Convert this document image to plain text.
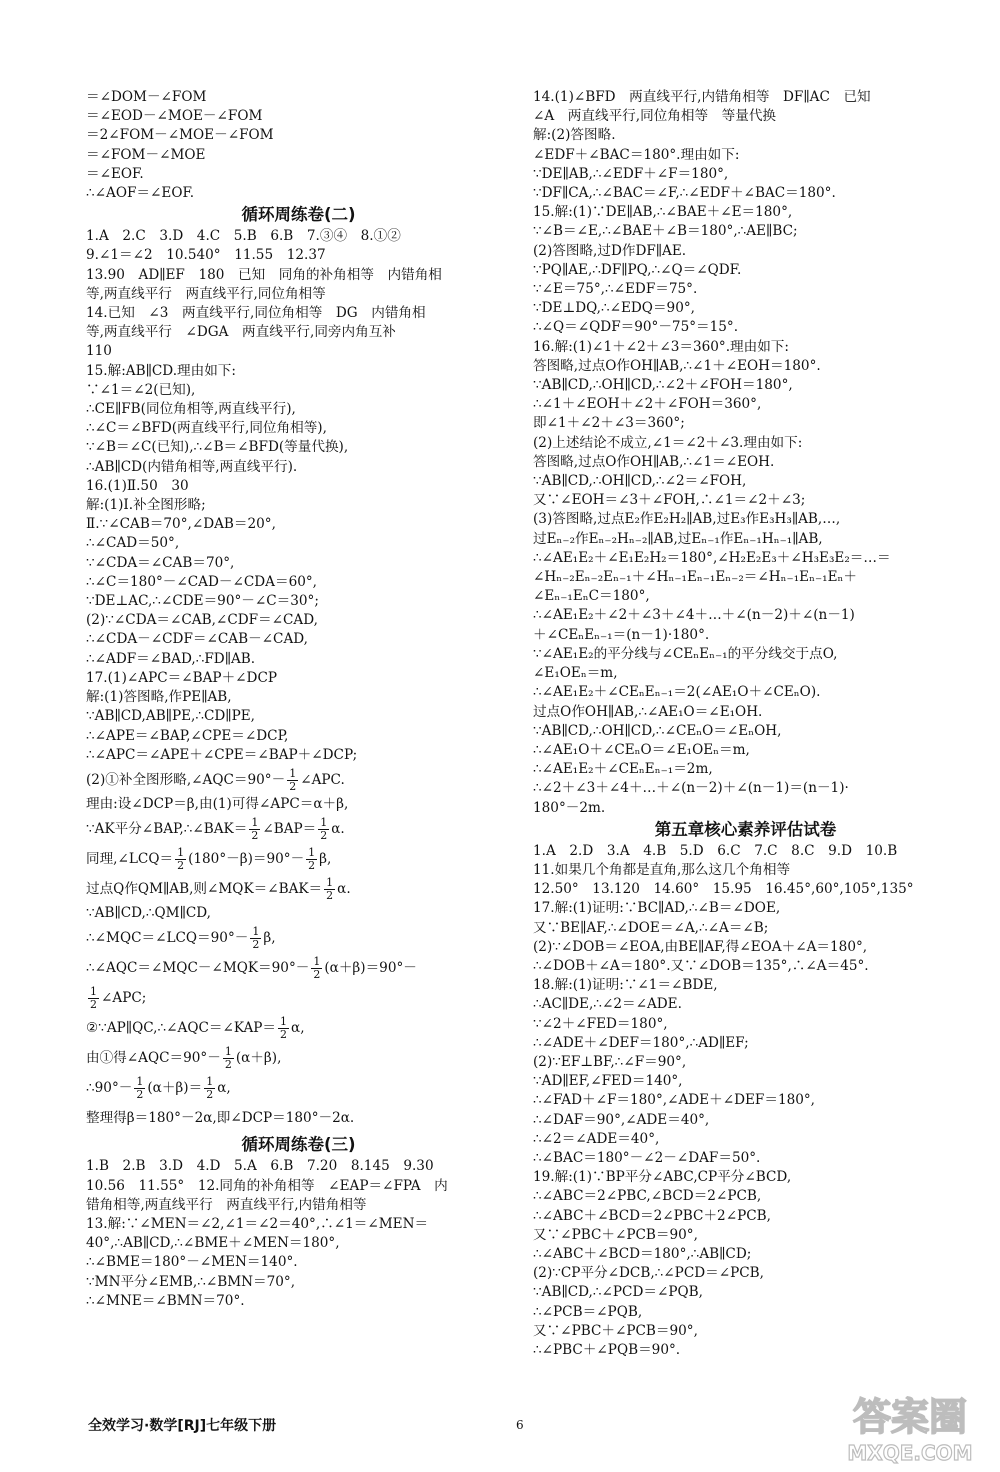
＝∠DOM－∠FOM
＝∠EOD－∠MOE－∠FOM
＝2∠FOM－∠MOE－∠FOM
＝∠FOM－∠MOE
＝∠EOF.
∴∠AOF＝∠EOF.
循环周练卷(二)
1.A　2.C　3.D　4.C　5.B　6.B　7.③④　8.①②
9.∠1＝∠2　10.540°　11.55　12.37
13.90　AD∥EF　180　已知　同角的补角相等　内错角相
等,两直线平行　两直线平行,同位角相等
14.已知　∠3　两直线平行,同位角相等　DG　内错角相
等,两直线平行　∠DGA　两直线平行,同旁内角互补
110
15.解:AB∥CD.理由如下:
∵∠1＝∠2(已知),
∴CE∥FB(同位角相等,两直线平行),
∴∠C＝∠BFD(两直线平行,同位角相等),
∵∠B＝∠C(已知),∴∠B＝∠BFD(等量代换),
∴AB∥CD(内错角相等,两直线平行).
16.(1)Ⅱ.50　30
解:(1)Ⅰ.补全图形略;
Ⅱ.∵∠CAB＝70°,∠DAB＝20°,
∴∠CAD＝50°,
∵∠CDA＝∠CAB＝70°,
∴∠C＝180°－∠CAD－∠CDA＝60°,
∵DE⊥AC,∴∠CDE＝90°－∠C＝30°;
(2)∵∠CDA＝∠CAB,∠CDF＝∠CAD,
∴∠CDA－∠CDF＝∠CAB－∠CAD,
∴∠ADF＝∠BAD,∴FD∥AB.
17.(1)∠APC＝∠BAP＋∠DCP
解:(1)答图略,作PE∥AB,
∵AB∥CD,AB∥PE,∴CD∥PE,
∴∠APE＝∠BAP,∠CPE＝∠DCP,
∴∠APC＝∠APE＋∠CPE＝∠BAP＋∠DCP;
(2)①补全图形略,∠AQC＝90°－ $\frac{1}{2}$ ∠APC.
理由:设∠DCP＝β,由(1)可得∠APC＝α＋β,
∵AK平分∠BAP,∴∠BAK＝ $\frac{1}{2}$ ∠BAP＝ $\frac{1}{2} \alpha$.
同理,∠LCQ＝ $\frac{1}{2} (180^\circ-\beta)=90^\circ- \frac{1}{2} \beta$,
过点Q作QM∥AB,则∠MQK＝∠BAK＝ $\frac{1}{2} \alpha$.
∵AB∥CD,∴QM∥CD,
∴∠MQC＝∠LCQ＝90°－ $\frac{1}{2} \beta$,
∴∠AQC＝∠MQC－∠MQK＝90°－ $\frac{1}{2} (\alpha+\beta)=90^\circ-$
$\frac{1}{2}$ ∠APC;
②∵AP∥QC,∴∠AQC＝∠KAP＝ $\frac{1}{2} \alpha$,
由①得∠AQC＝90°－ $\frac{1}{2} (\alpha+\beta)$,
∴90°－ $\frac{1}{2} (\alpha+\beta)= \frac{1}{2} \alpha$,
整理得β＝180°－2α,即∠DCP＝180°－2α.
循环周练卷(三)
1.B　2.B　3.D　4.D　5.A　6.B　7.20　8.145　9.30
10.56　11.55°　12.同角的补角相等　∠EAP＝∠FPA　内
错角相等,两直线平行　两直线平行,内错角相等
13.解:∵∠MEN＝∠2,∠1＝∠2＝40°,∴∠1＝∠MEN＝
40°,∴AB∥CD,∴∠BME＋∠MEN＝180°,
∴∠BME＝180°－∠MEN＝140°.
∵MN平分∠EMB,∴∠BMN＝70°,
∴∠MNE＝∠BMN＝70°.
14.(1)∠BFD　两直线平行,内错角相等　DF∥AC　已知
∠A　两直线平行,同位角相等　等量代换
解:(2)答图略.
∠EDF＋∠BAC＝180°.理由如下:
∵DE∥AB,∴∠EDF＋∠F＝180°,
∵DF∥CA,∴∠BAC＝∠F,∴∠EDF＋∠BAC＝180°.
15.解:(1)∵DE∥AB,∴∠BAE＋∠E＝180°,
∵∠B＝∠E,∴∠BAE＋∠B＝180°,∴AE∥BC;
(2)答图略,过D作DF∥AE.
∵PQ∥AE,∴DF∥PQ,∴∠Q＝∠QDF.
∵∠E＝75°,∴∠EDF＝75°.
∵DE⊥DQ,∴∠EDQ＝90°,
∴∠Q＝∠QDF＝90°－75°＝15°.
16.解:(1)∠1＋∠2＋∠3＝360°.理由如下:
答图略,过点O作OH∥AB,∴∠1＋∠EOH＝180°.
∵AB∥CD,∴OH∥CD,∴∠2＋∠FOH＝180°,
∴∠1＋∠EOH＋∠2＋∠FOH＝360°,
即∠1＋∠2＋∠3＝360°;
(2)上述结论不成立,∠1＝∠2＋∠3.理由如下:
答图略,过点O作OH∥AB,∴∠1＝∠EOH.
∵AB∥CD,∴OH∥CD,∴∠2＝∠FOH,
又∵∠EOH＝∠3＋∠FOH,∴∠1＝∠2＋∠3;
(3)答图略,过点E₂作E₂H₂∥AB,过E₃作E₃H₃∥AB,…,
过Eₙ₋₂作Eₙ₋₂Hₙ₋₂∥AB,过Eₙ₋₁作Eₙ₋₁Hₙ₋₁∥AB,
∴∠AE₁E₂＋∠E₁E₂H₂＝180°,∠H₂E₂E₃＋∠H₃E₃E₂＝…＝
∠Hₙ₋₂Eₙ₋₂Eₙ₋₁＋∠Hₙ₋₁Eₙ₋₁Eₙ₋₂＝∠Hₙ₋₁Eₙ₋₁Eₙ＋
∠Eₙ₋₁EₙC＝180°,
∴∠AE₁E₂＋∠2＋∠3＋∠4＋…＋∠(n－2)＋∠(n－1)
＋∠CEₙEₙ₋₁＝(n－1)·180°.
∵∠AE₁E₂的平分线与∠CEₙEₙ₋₁的平分线交于点O,
∠E₁OEₙ＝m,
∴∠AE₁E₂＋∠CEₙEₙ₋₁＝2(∠AE₁O＋∠CEₙO).
过点O作OH∥AB,∴∠AE₁O＝∠E₁OH.
∵AB∥CD,∴OH∥CD,∴∠CEₙO＝∠EₙOH,
∴∠AE₁O＋∠CEₙO＝∠E₁OEₙ＝m,
∴∠AE₁E₂＋∠CEₙEₙ₋₁＝2m,
∴∠2＋∠3＋∠4＋…＋∠(n－2)＋∠(n－1)＝(n－1)·
180°－2m.
第五章核心素养评估试卷
1.A　2.D　3.A　4.B　5.D　6.C　7.C　8.C　9.D　10.B
11.如果几个角都是直角,那么这几个角相等
12.50°　13.120　14.60°　15.95　16.45°,60°,105°,135°
17.解:(1)证明:∵BC∥AD,∴∠B＝∠DOE,
又∵BE∥AF,∴∠DOE＝∠A,∴∠A＝∠B;
(2)∵∠DOB＝∠EOA,由BE∥AF,得∠EOA＋∠A＝180°,
∴∠DOB＋∠A＝180°.又∵∠DOB＝135°,∴∠A＝45°.
18.解:(1)证明:∵∠1＝∠BDE,
∴AC∥DE,∴∠2＝∠ADE.
∵∠2＋∠FED＝180°,
∴∠ADE＋∠DEF＝180°,∴AD∥EF;
(2)∵EF⊥BF,∴∠F＝90°,
∵AD∥EF,∠FED＝140°,
∴∠FAD＋∠F＝180°,∠ADE＋∠DEF＝180°,
∴∠DAF＝90°,∠ADE＝40°,
∴∠2＝∠ADE＝40°,
∴∠BAC＝180°－∠2－∠DAF＝50°.
19.解:(1)∵BP平分∠ABC,CP平分∠BCD,
∴∠ABC＝2∠PBC,∠BCD＝2∠PCB,
∴∠ABC＋∠BCD＝2∠PBC＋2∠PCB,
又∵∠PBC＋∠PCB＝90°,
∴∠ABC＋∠BCD＝180°,∴AB∥CD;
(2)∵CP平分∠DCB,∴∠PCD＝∠PCB,
∵AB∥CD,∴∠PCD＝∠PQB,
∴∠PCB＝∠PQB,
又∵∠PBC＋∠PCB＝90°,
∴∠PBC＋∠PQB＝90°.
全效学习·数学[RJ]七年级下册	6	答案圈
MXQE.COM
